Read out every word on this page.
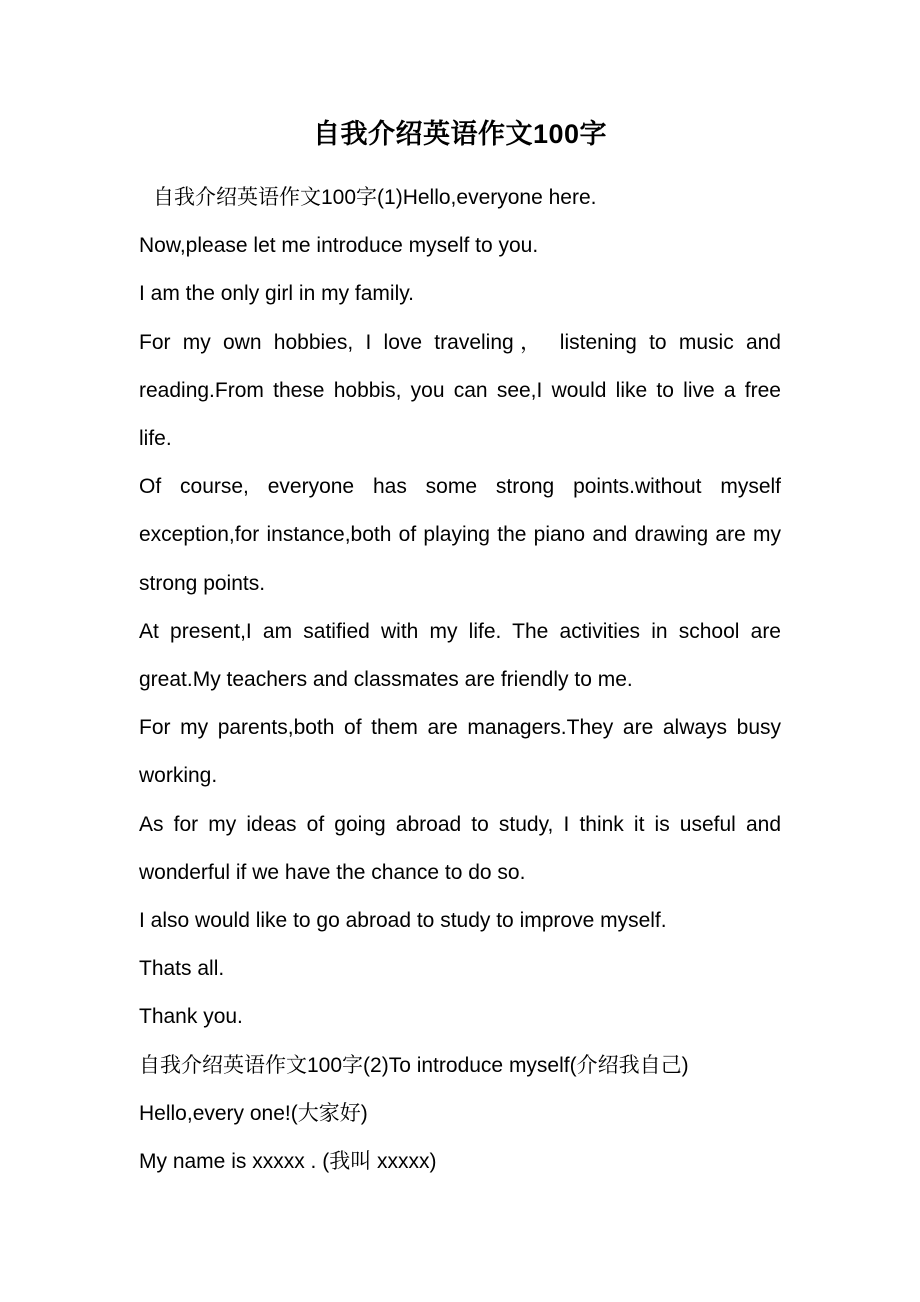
自我介绍英语作文100字

自我介绍英语作文100字(1)Hello,everyone here.

Now,please let me introduce myself to you.

I am the only girl in my family.

For my own hobbies, I love traveling， listening to music and reading.From these hobbis, you can see,I would like to live a free life.

Of course, everyone has some strong points.without myself exception,for instance,both of playing the piano and drawing are my strong points.

At present,I am satified with my life. The activities in school are great.My teachers and classmates are friendly to me.

For my parents,both of them are managers.They are always busy working.

As for my ideas of going abroad to study, I think it is useful and wonderful if we have the chance to do so.

I also would like to go abroad to study to improve myself.

Thats all.

Thank you.

自我介绍英语作文100字(2)To introduce myself(介绍我自己)

Hello,every one!(大家好)

My name is xxxxx . (我叫 xxxxx)
